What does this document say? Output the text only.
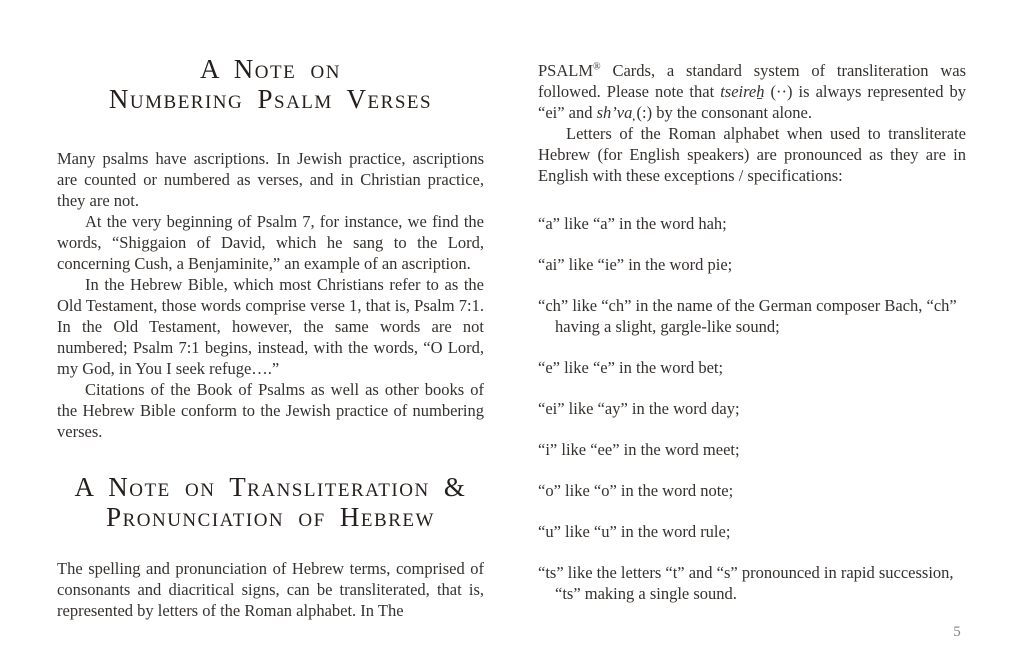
A Note on
Numbering Psalm Verses

Many psalms have ascriptions. In Jewish practice, ascriptions are counted or numbered as verses, and in Christian practice, they are not.

At the very beginning of Psalm 7, for instance, we find the words, “Shiggaion of David, which he sang to the Lord, concerning Cush, a Benjaminite,” an example of an ascription.

In the Hebrew Bible, which most Christians refer to as the Old Testament, those words comprise verse 1, that is, Psalm 7:1. In the Old Testament, however, the same words are not numbered; Psalm 7:1 begins, instead, with the words, “O Lord, my God, in You I seek refuge….”

Citations of the Book of Psalms as well as other books of the Hebrew Bible conform to the Jewish practice of numbering verses.

A Note on Transliteration &
Pronunciation of Hebrew

The spelling and pronunciation of Hebrew terms, comprised of consonants and diacritical signs, can be transliterated, that is, represented by letters of the Roman alphabet. In The

PSALM® Cards, a standard system of transliteration was followed. Please note that tseireẖ (··) is always represented by “ei” and sh’va̦ (:) by the consonant alone.

Letters of the Roman alphabet when used to transliterate Hebrew (for English speakers) are pronounced as they are in English with these exceptions / specifications:

“a” like “a” in the word hah;
“ai” like “ie” in the word pie;
“ch” like “ch” in the name of the German composer Bach, “ch” having a slight, gargle-like sound;
“e” like “e” in the word bet;
“ei” like “ay” in the word day;
“i” like “ee” in the word meet;
“o” like “o” in the word note;
“u” like “u” in the word rule;
“ts” like the letters “t” and “s” pronounced in rapid succession, “ts” making a single sound.
5
